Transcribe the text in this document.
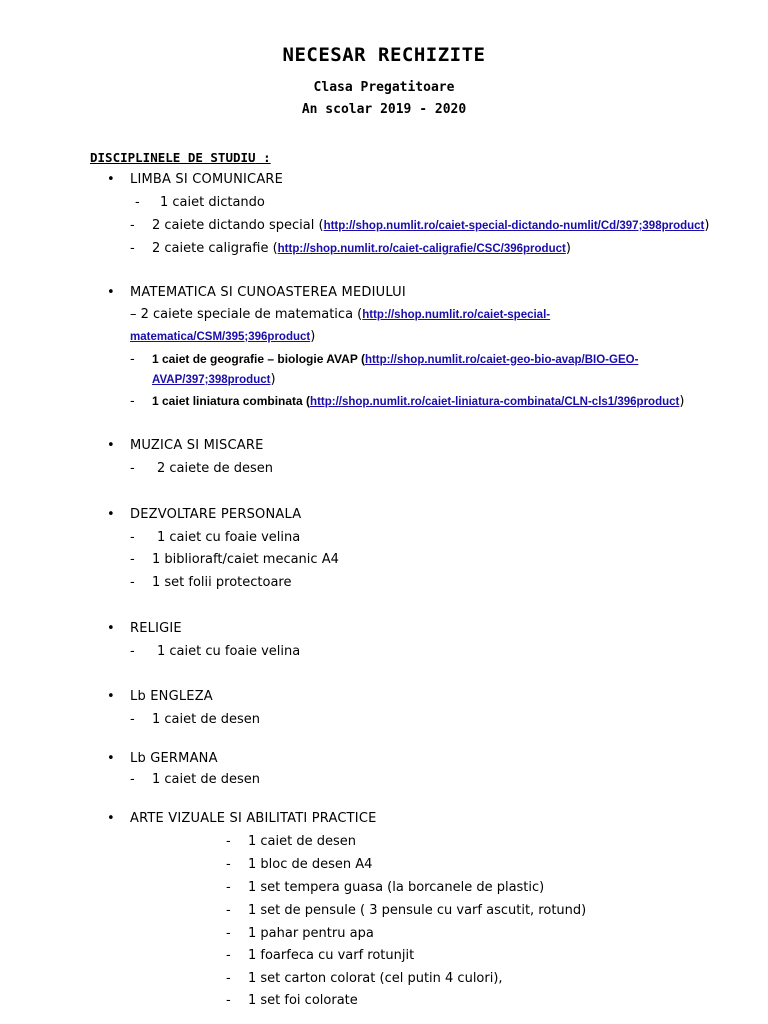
NECESAR RECHIZITE
Clasa Pregatitoare
An scolar 2019 - 2020
DISCIPLINELE DE STUDIU :
• LIMBA SI COMUNICARE
- 1 caiet dictando
- 2 caiete dictando special (http://shop.numlit.ro/caiet-special-dictando-numlit/Cd/397;398product)
- 2 caiete caligrafie (http://shop.numlit.ro/caiet-caligrafie/CSC/396product)
• MATEMATICA SI CUNOASTEREA MEDIULUI
– 2 caiete speciale de matematica (http://shop.numlit.ro/caiet-special-
matematica/CSM/395;396product)
- 1 caiet de geografie – biologie AVAP (http://shop.numlit.ro/caiet-geo-bio-avap/BIO-GEO-
AVAP/397;398product)
- 1 caiet liniatura combinata (http://shop.numlit.ro/caiet-liniatura-combinata/CLN-cls1/396product)
• MUZICA SI MISCARE
- 2 caiete de desen
• DEZVOLTARE PERSONALA
- 1 caiet cu foaie velina
- 1 biblioraft/caiet mecanic A4
- 1 set folii protectoare
• RELIGIE
- 1 caiet cu foaie velina
• Lb ENGLEZA
- 1 caiet de desen
• Lb GERMANA
- 1 caiet de desen
• ARTE VIZUALE SI ABILITATI PRACTICE
- 1 caiet de desen
- 1 bloc de desen A4
- 1 set tempera guasa (la borcanele de plastic)
- 1 set de pensule ( 3 pensule cu varf ascutit, rotund)
- 1 pahar pentru apa
- 1 foarfeca cu varf rotunjit
- 1 set carton colorat (cel putin 4 culori),
- 1 set foi colorate
